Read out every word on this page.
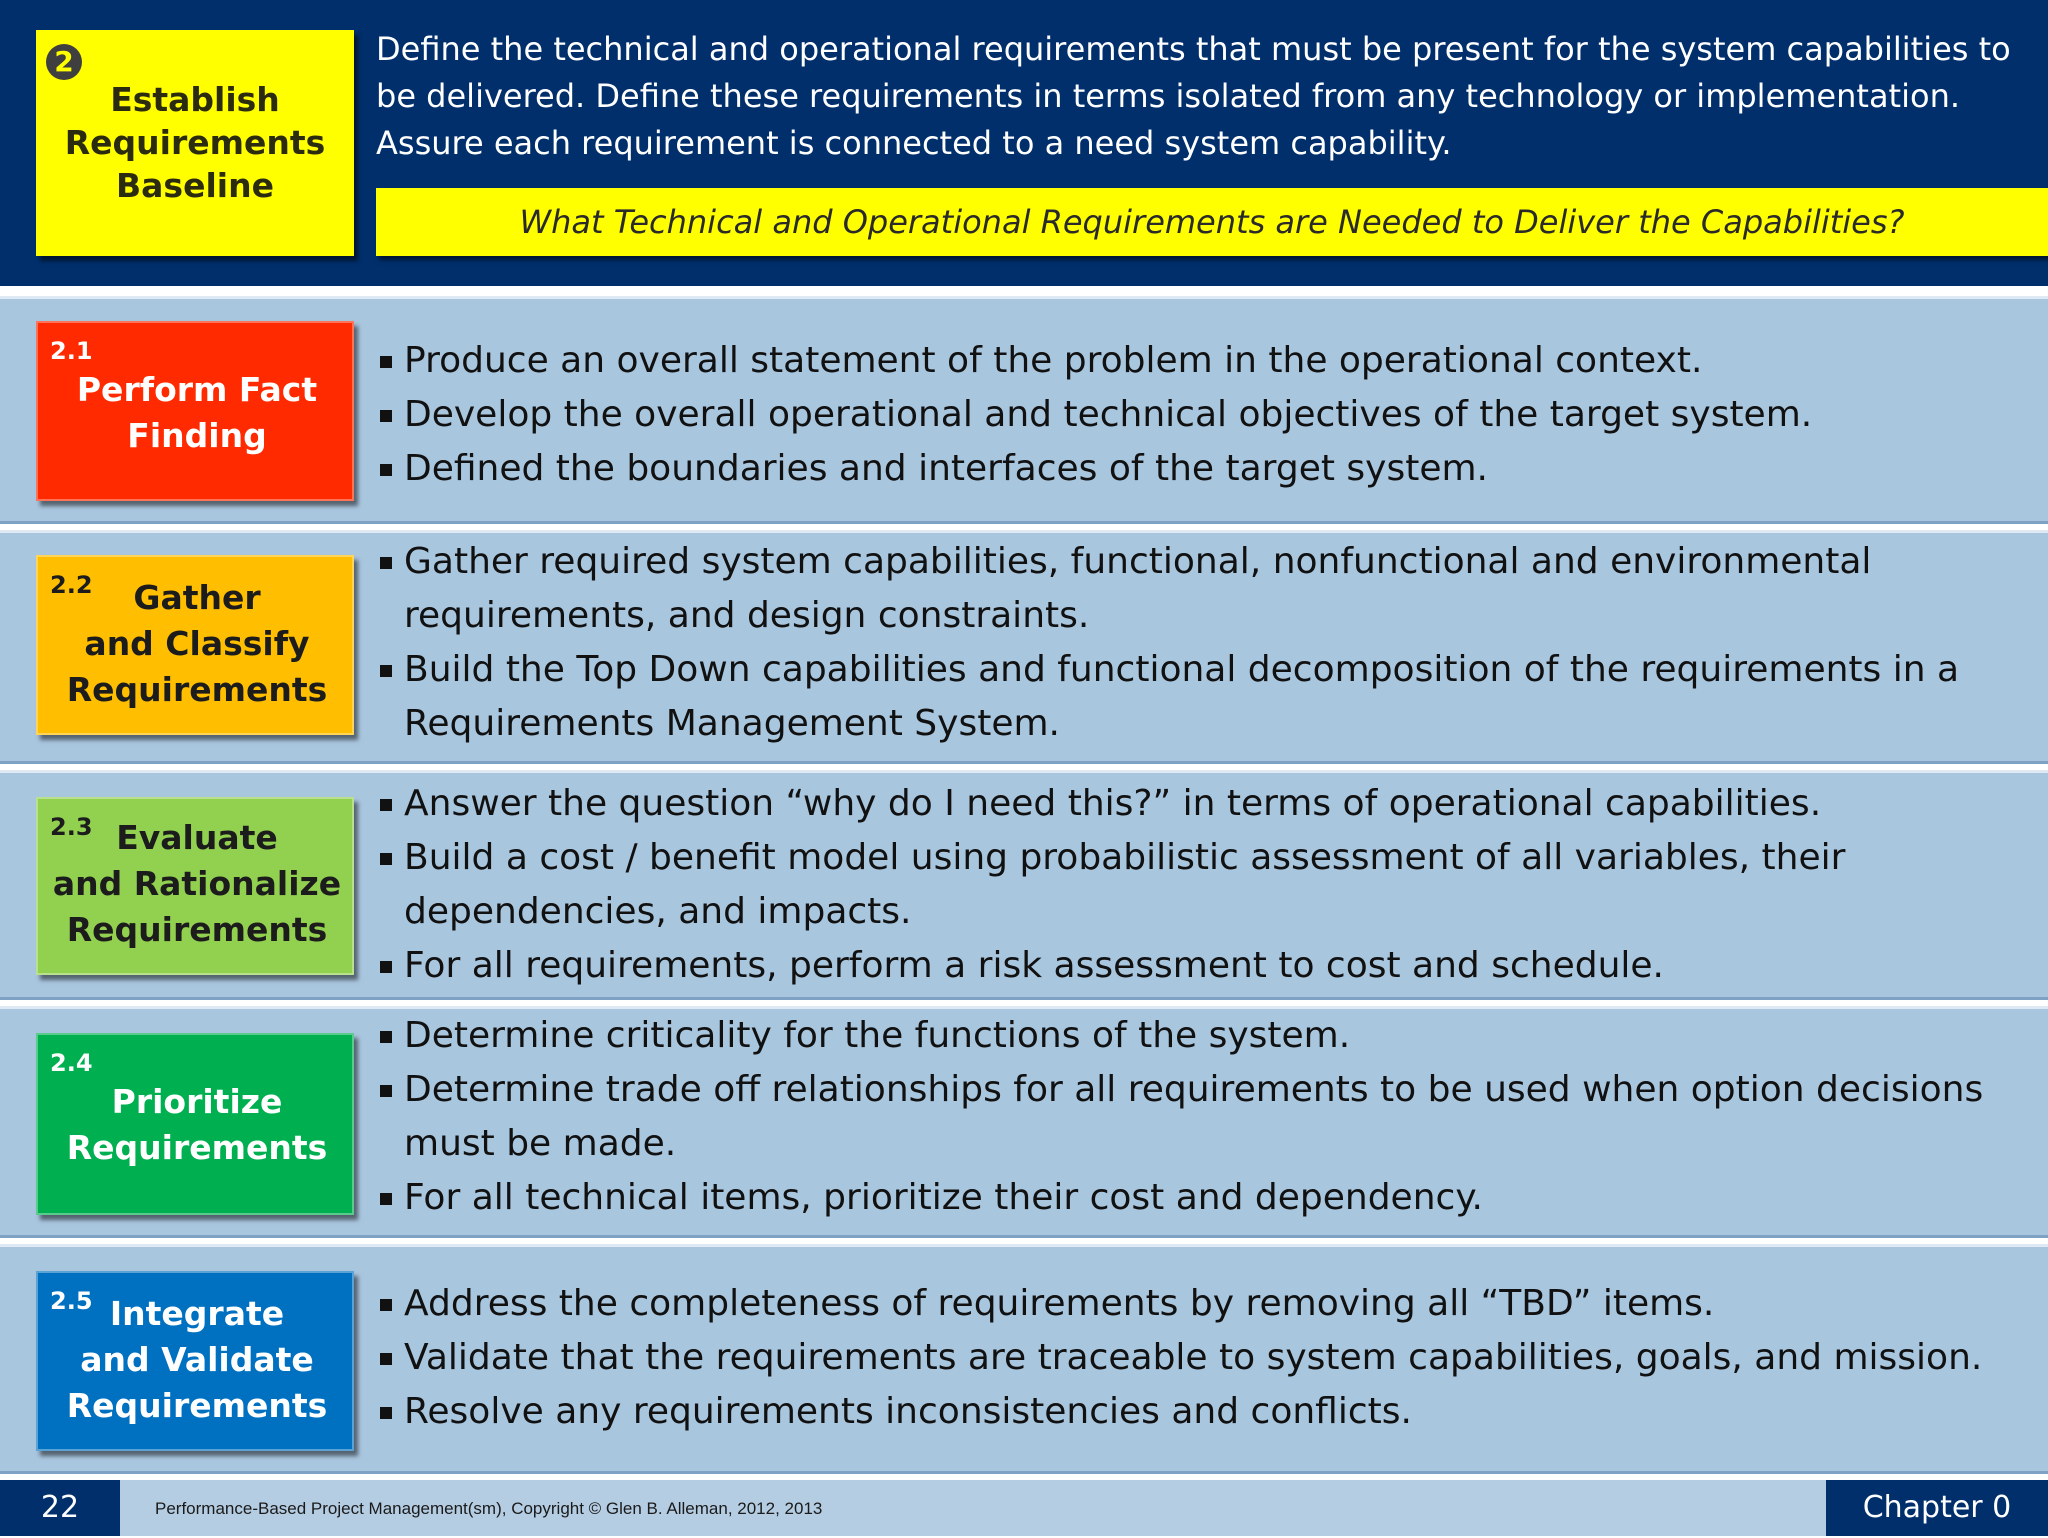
2
Establish
Requirements
Baseline
Define the technical and operational requirements that must be present for the system capabilities to be delivered. Define these requirements in terms isolated from any technology or implementation. Assure each requirement is connected to a need system capability.
What Technical and Operational Requirements are Needed to Deliver the Capabilities?
2.1
Perform Fact
Finding
Produce an overall statement of the problem in the operational context.
Develop the overall operational and technical objectives of the target system.
Defined the boundaries and interfaces of the target system.
2.2	Gather
and Classify
Requirements
Gather required system capabilities, functional, nonfunctional and environmental requirements, and design constraints.
Build the Top Down capabilities and functional decomposition of the requirements in a Requirements Management System.
2.3 Evaluate
and Rationalize
Requirements
Answer the question “why do I need this?” in terms of operational capabilities.
Build a cost / benefit model using probabilistic assessment of all variables, their dependencies, and impacts.
For all requirements, perform a risk assessment to cost and schedule.
2.4
Prioritize
Requirements
Determine criticality for the functions of the system.
Determine trade off relationships for all requirements to be used when option decisions must be made.
For all technical items, prioritize their cost and dependency.
2.5 Integrate
and Validate
Requirements
Address the completeness of requirements by removing all “TBD” items.
Validate that the requirements are traceable to system capabilities, goals, and mission.
Resolve any requirements inconsistencies and conflicts.
22	Performance-Based Project Management(sm), Copyright © Glen B. Alleman, 2012, 2013	Chapter 0
